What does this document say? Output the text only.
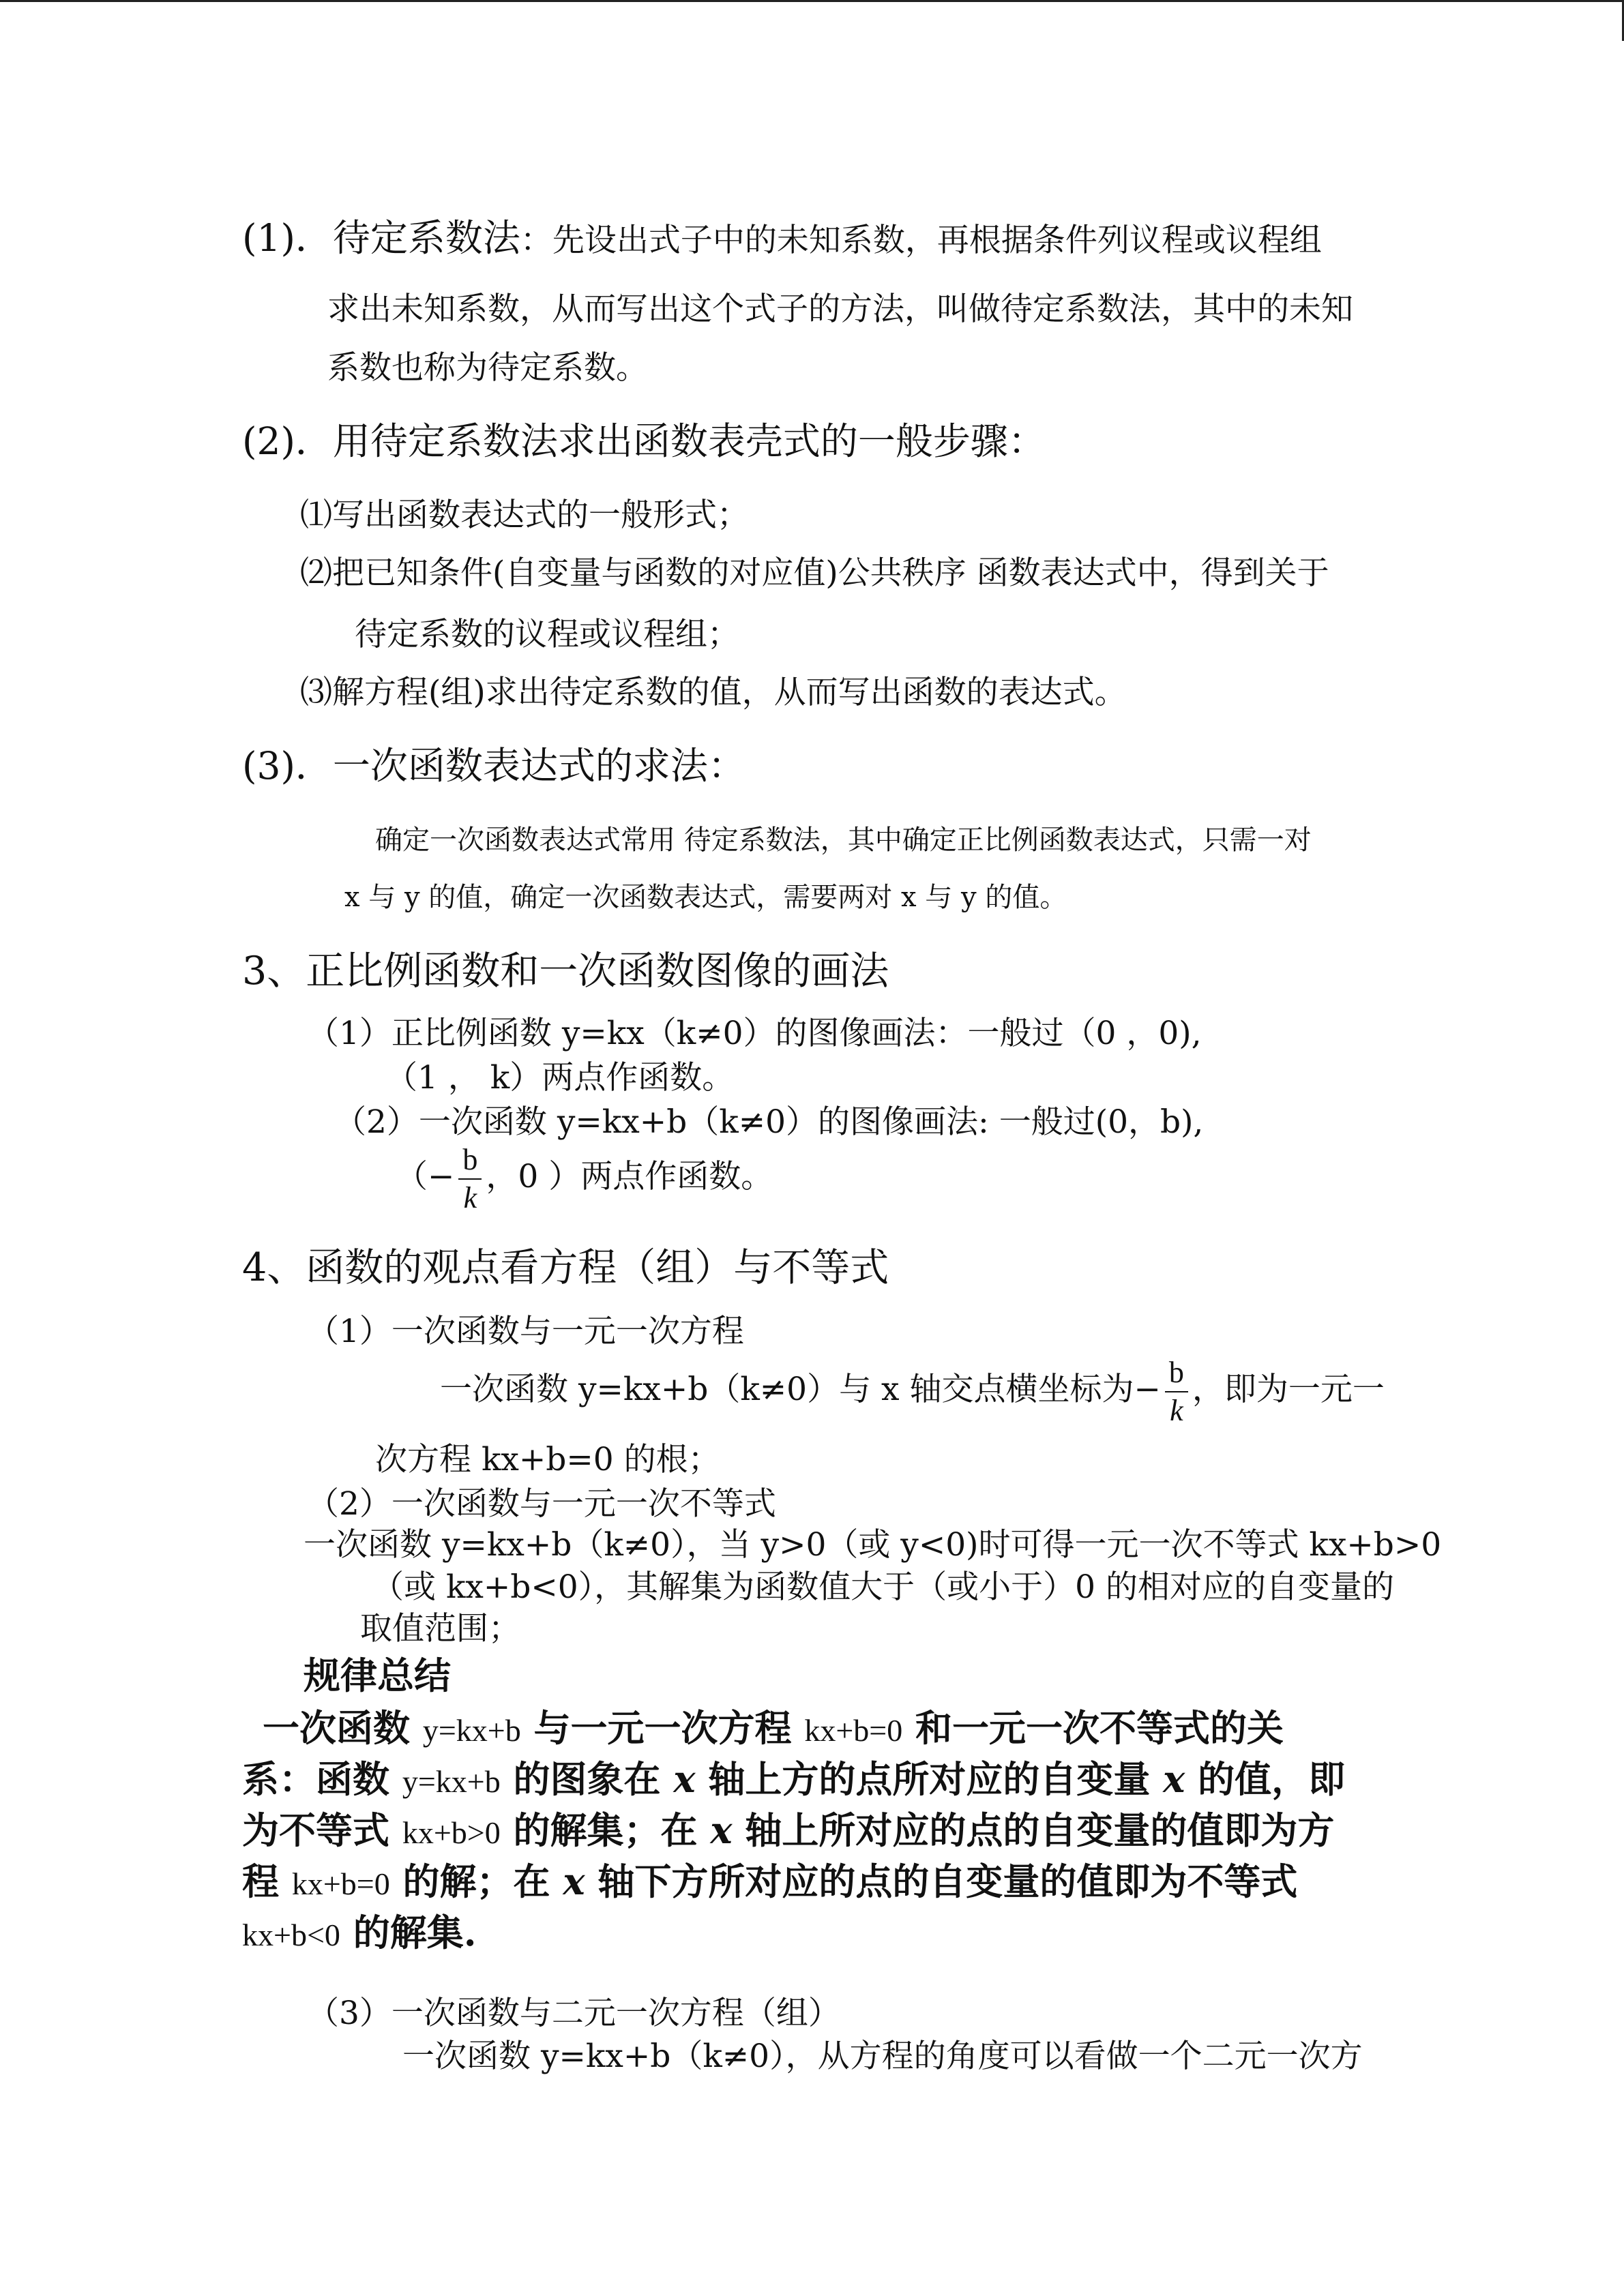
(1)．待定系数法：先设出式子中的未知系数，再根据条件列议程或议程组
求出未知系数，从而写出这个式子的方法，叫做待定系数法，其中的未知
系数也称为待定系数。
(2)．用待定系数法求出函数表壳式的一般步骤：
⑴写出函数表达式的一般形式；
⑵把已知条件(自变量与函数的对应值)公共秩序 函数表达式中，得到关于
待定系数的议程或议程组；
⑶解方程(组)求出待定系数的值，从而写出函数的表达式。
(3)．一次函数表达式的求法：
确定一次函数表达式常用 待定系数法，其中确定正比例函数表达式，只需一对
x 与 y 的值，确定一次函数表达式，需要两对 x 与 y 的值。
3、正比例函数和一次函数图像的画法
（1）正比例函数 y=kx（k≠0）的图像画法：一般过（0 ，0),
（1 ， k）两点作函数。
（2）一次函数 y=kx+b（k≠0）的图像画法: 一般过(0，b),
（− $\frac{b}{k}$ ，0 ）两点作函数。
4、函数的观点看方程（组）与不等式
（1）一次函数与一元一次方程
一次函数 y=kx+b（k≠0）与 x 轴交点横坐标为− $\frac{b}{k}$ ，即为一元一
次方程 kx+b=0 的根；
（2）一次函数与一元一次不等式
一次函数 y=kx+b（k≠0），当 y>0（或 y<0)时可得一元一次不等式 kx+b>0
（或 kx+b<0），其解集为函数值大于（或小于）0 的相对应的自变量的
取值范围；
规律总结
一次函数 y=kx+b 与一元一次方程 kx+b=0 和一元一次不等式的关
系：函数 y=kx+b 的图象在 x 轴上方的点所对应的自变量 x 的值，即
为不等式 kx+b>0 的解集；在 x 轴上所对应的点的自变量的值即为方
程 kx+b=0 的解；在 x 轴下方所对应的点的自变量的值即为不等式
kx+b<0 的解集.
（3）一次函数与二元一次方程（组）
一次函数 y=kx+b（k≠0），从方程的角度可以看做一个二元一次方
